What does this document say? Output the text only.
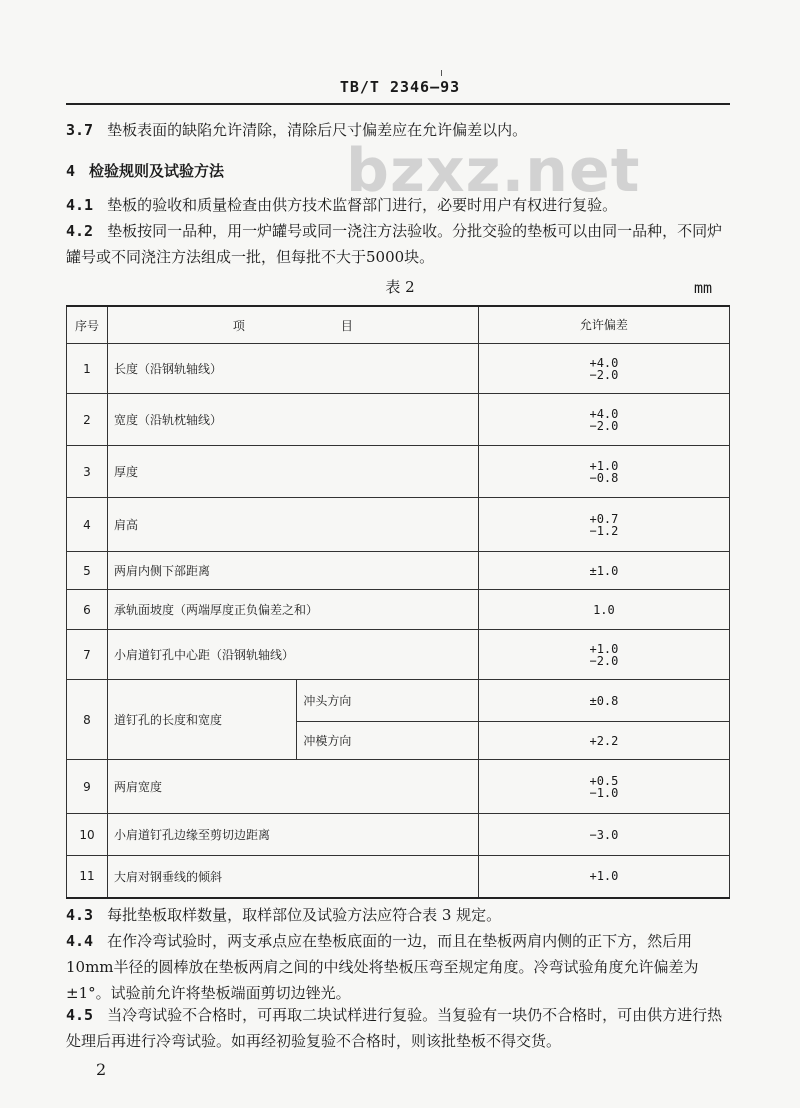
TB/T 2346—93
bzxz.net
3.7 垫板表面的缺陷允许清除，清除后尺寸偏差应在允许偏差以内。
4 检验规则及试验方法
4.1 垫板的验收和质量检查由供方技术监督部门进行，必要时用户有权进行复验。
4.2 垫板按同一品种，用一炉罐号或同一浇注方法验收。分批交验的垫板可以由同一品种，不同炉罐号或不同浇注方法组成一批，但每批不大于5000块。
表 2	mm
序号	项　　　　　　　　目		允许偏差
1	长度（沿钢轨轴线）		+4.0
−2.0

2	宽度（沿轨枕轴线）		+4.0
−2.0

3	厚度		+1.0
−0.8

4	肩高		+0.7
−1.2

5	两肩内侧下部距离		±1.0
6	承轨面坡度（两端厚度正负偏差之和）		1.0
7	小肩道钉孔中心距（沿钢轨轴线）		+1.0
−2.0

8	道钉孔的长度和宽度	冲头方向	±0.8
		冲模方向	+2.2
9	两肩宽度		+0.5
−1.0

10	小肩道钉孔边缘至剪切边距离		−3.0
11	大肩对钢垂线的倾斜		+1.0
4.3 每批垫板取样数量，取样部位及试验方法应符合表 3 规定。
4.4 在作冷弯试验时，两支承点应在垫板底面的一边，而且在垫板两肩内侧的正下方，然后用10mm半径的圆棒放在垫板两肩之间的中线处将垫板压弯至规定角度。冷弯试验角度允许偏差为±1°。试验前允许将垫板端面剪切边锉光。
4.5 当冷弯试验不合格时，可再取二块试样进行复验。当复验有一块仍不合格时，可由供方进行热处理后再进行冷弯试验。如再经初验复验不合格时，则该批垫板不得交货。
2
